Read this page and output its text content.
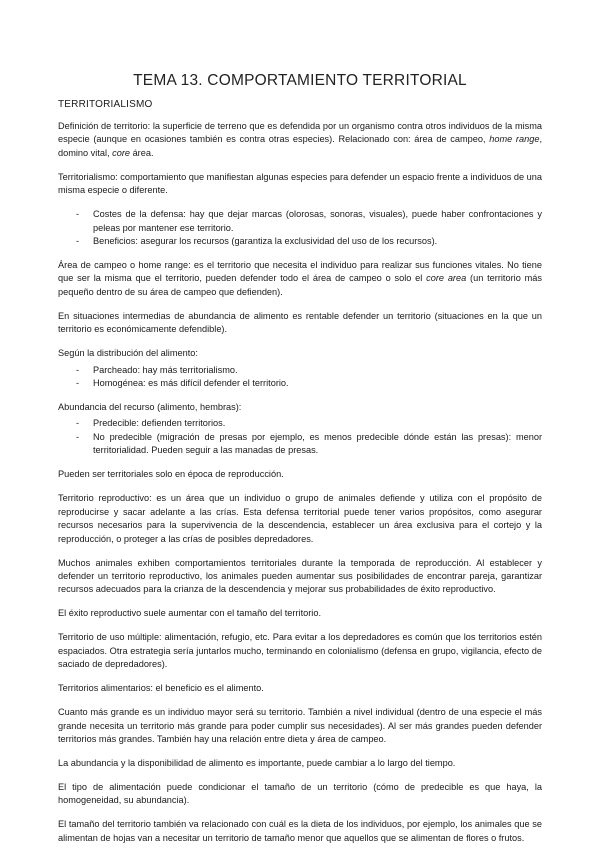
TEMA 13. COMPORTAMIENTO TERRITORIAL
TERRITORIALISMO

Definición de territorio: la superficie de terreno que es defendida por un organismo contra otros individuos de la misma especie (aunque en ocasiones también es contra otras especies). Relacionado con: área de campeo, home range, domino vital, core área.

Territorialismo: comportamiento que manifiestan algunas especies para defender un espacio frente a individuos de una misma especie o diferente.

- Costes de la defensa: hay que dejar marcas (olorosas, sonoras, visuales), puede haber confrontaciones y peleas por mantener ese territorio.
- Beneficios: asegurar los recursos (garantiza la exclusividad del uso de los recursos).

Área de campeo o home range: es el territorio que necesita el individuo para realizar sus funciones vitales. No tiene que ser la misma que el territorio, pueden defender todo el área de campeo o solo el core area (un territorio más pequeño dentro de su área de campeo que defienden).

En situaciones intermedias de abundancia de alimento es rentable defender un territorio (situaciones en la que un territorio es económicamente defendible).

Según la distribución del alimento:

- Parcheado: hay más territorialismo.
- Homogénea: es más difícil defender el territorio.

Abundancia del recurso (alimento, hembras):

- Predecible: defienden territorios.
- No predecible (migración de presas por ejemplo, es menos predecible dónde están las presas): menor territorialidad. Pueden seguir a las manadas de presas.

Pueden ser territoriales solo en época de reproducción.

Territorio reproductivo: es un área que un individuo o grupo de animales defiende y utiliza con el propósito de reproducirse y sacar adelante a las crías. Esta defensa territorial puede tener varios propósitos, como asegurar recursos necesarios para la supervivencia de la descendencia, establecer un área exclusiva para el cortejo y la reproducción, o proteger a las crías de posibles depredadores.

Muchos animales exhiben comportamientos territoriales durante la temporada de reproducción. Al establecer y defender un territorio reproductivo, los animales pueden aumentar sus posibilidades de encontrar pareja, garantizar recursos adecuados para la crianza de la descendencia y mejorar sus probabilidades de éxito reproductivo.

El éxito reproductivo suele aumentar con el tamaño del territorio.

Territorio de uso múltiple: alimentación, refugio, etc. Para evitar a los depredadores es común que los territorios estén espaciados. Otra estrategia sería juntarlos mucho, terminando en colonialismo (defensa en grupo, vigilancia, efecto de saciado de depredadores).

Territorios alimentarios: el beneficio es el alimento.

Cuanto más grande es un individuo mayor será su territorio. También a nivel individual (dentro de una especie el más grande necesita un territorio más grande para poder cumplir sus necesidades). Al ser más grandes pueden defender territorios más grandes. También hay una relación entre dieta y área de campeo.

La abundancia y la disponibilidad de alimento es importante, puede cambiar a lo largo del tiempo.

El tipo de alimentación puede condicionar el tamaño de un territorio (cómo de predecible es que haya, la homogeneidad, su abundancia).

El tamaño del territorio también va relacionado con cuál es la dieta de los individuos, por ejemplo, los animales que se alimentan de hojas van a necesitar un territorio de tamaño menor que aquellos que se alimentan de flores o frutos.
